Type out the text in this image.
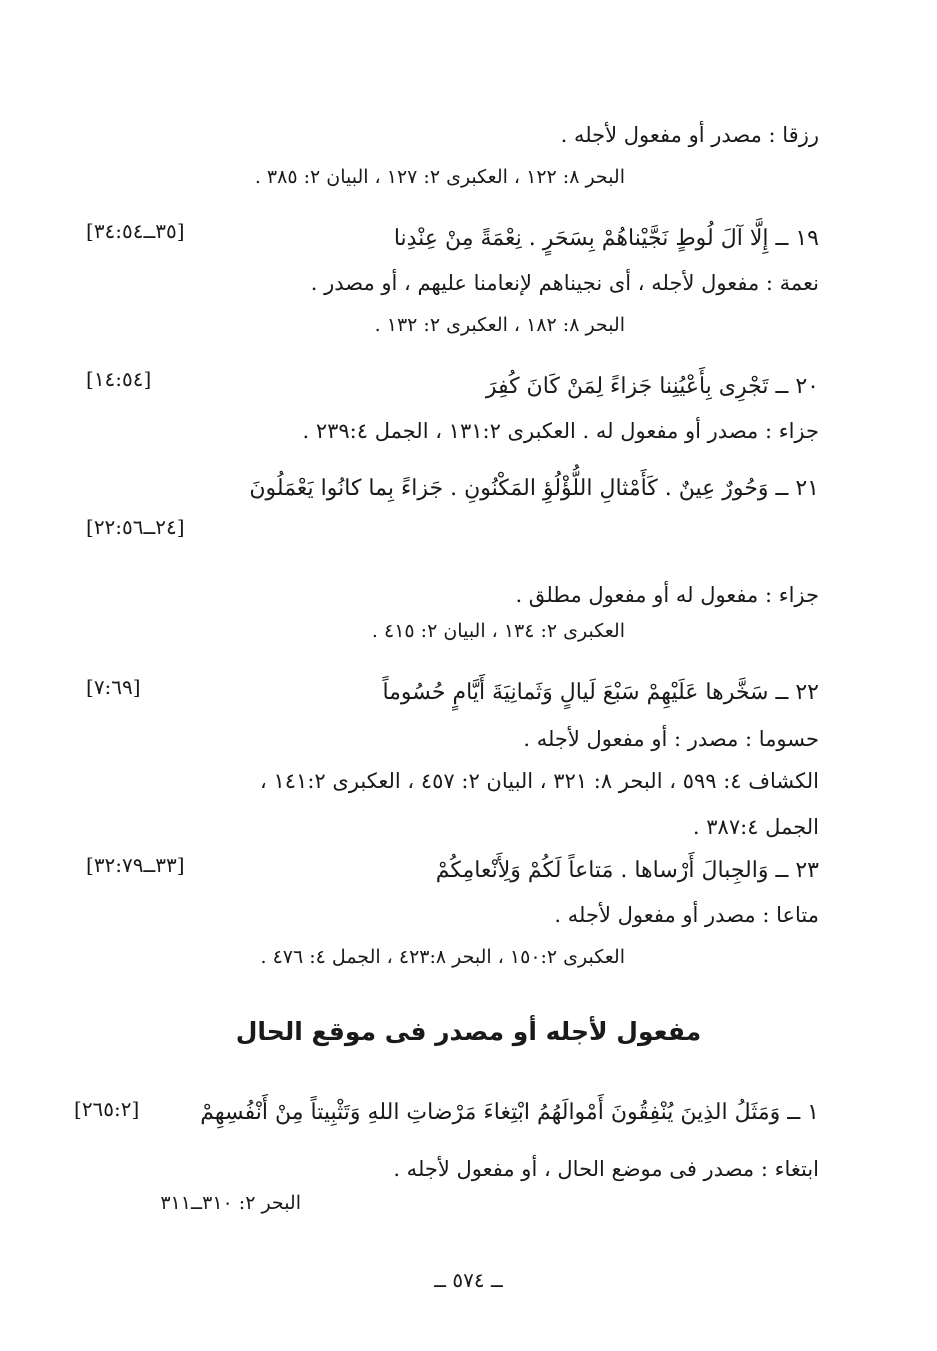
رزقا : مصدر أو مفعول لأجله .
البحر ٨: ١٢٢ ، العكبرى ٢: ١٢٧ ، البيان ٢: ٣٨٥ .
١٩ ــ إِلَّا آلَ لُوطٍ نَجَّيْناهُمْ بِسَحَرٍ . نِعْمَةً مِنْ عِنْدِنا
[٣٥ــ٣٤:٥٤]
نعمة : مفعول لأجله ، أى نجيناهم لإنعامنا عليهم ، أو مصدر .
البحر ٨: ١٨٢ ، العكبرى ٢: ١٣٢ .
٢٠ ــ تَجْرِى بِأَعْيُنِنا جَزاءً لِمَنْ كَانَ كُفِرَ
[١٤:٥٤]
جزاء : مصدر أو مفعول له . العكبرى ١٣١:٢ ، الجمل ٢٣٩:٤ .
٢١ ــ وَحُورٌ عِينٌ . كَأَمْثالِ اللُّؤْلُؤِ المَكْنُونِ . جَزاءً بِما كانُوا يَعْمَلُونَ
[٢٤ــ٢٢:٥٦]
جزاء : مفعول له أو مفعول مطلق .
العكبرى ٢: ١٣٤ ، البيان ٢: ٤١٥ .
٢٢ ــ سَخَّرها عَلَيْهِمْ سَبْعَ لَيالٍ وَثَمانِيَةَ أَيَّامٍ حُسُوماً
[٧:٦٩]
حسوما : مصدر : أو مفعول لأجله .
الكشاف ٤: ٥٩٩ ، البحر ٨: ٣٢١ ، البيان ٢: ٤٥٧ ، العكبرى ١٤١:٢ ،
الجمل ٣٨٧:٤ .
٢٣ ــ وَالجِبالَ أَرْساها . مَتاعاً لَكُمْ وَلِأَنْعامِكُمْ
[٣٣ــ٣٢:٧٩]
متاعا : مصدر أو مفعول لأجله .
العكبرى ١٥٠:٢ ، البحر ٤٢٣:٨ ، الجمل ٤: ٤٧٦ .
مفعول لأجله أو مصدر فى موقع الحال
١ ــ وَمَثَلُ الذِينَ يُنْفِقُونَ أَمْوالَهُمُ ابْتِغاءَ مَرْضاتِ اللهِ وَتَثْبِيتاً مِنْ أَنْفُسِهِمْ
[٢٦٥:٢]
ابتغاء : مصدر فى موضع الحال ، أو مفعول لأجله .
البحر ٢: ٣١٠ــ٣١١
ــ ٥٧٤ ــ
